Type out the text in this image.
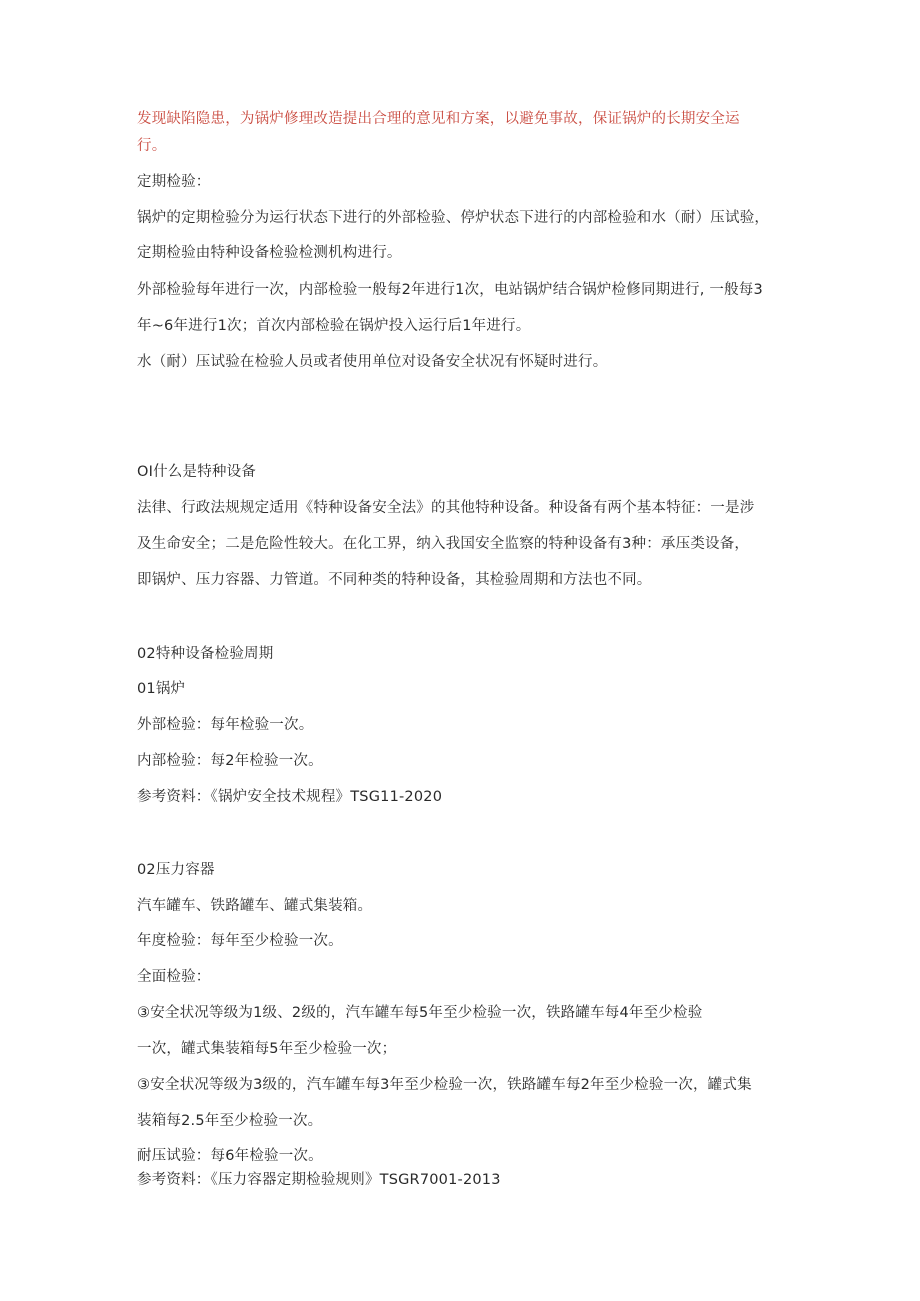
发现缺陷隐患，为锅炉修理改造提出合理的意见和方案，以避免事故，保证锅炉的长期安全运
行。
定期检验：
锅炉的定期检验分为运行状态下进行的外部检验、停炉状态下进行的内部检验和水（耐）压试验，
定期检验由特种设备检验检测机构进行。
外部检验每年进行一次，内部检验一般每2年进行1次，电站锅炉结合锅炉检修同期进行, 一般每3
年~6年进行1次；首次内部检验在锅炉投入运行后1年进行。
水（耐）压试验在检验人员或者使用单位对设备安全状况有怀疑时进行。
OI什么是特种设备
法律、行政法规规定适用《特种设备安全法》的其他特种设备。种设备有两个基本特征：一是涉
及生命安全；二是危险性较大。在化工界，纳入我国安全监察的特种设备有3种：承压类设备，
即锅炉、压力容器、力管道。不同种类的特种设备，其检验周期和方法也不同。
02特种设备检验周期
01锅炉
外部检验：每年检验一次。
内部检验：每2年检验一次。
参考资料：《锅炉安全技术规程》TSG11-2020
02压力容器
汽车罐车、铁路罐车、罐式集装箱。
年度检验：每年至少检验一次。
全面检验：
③安全状况等级为1级、2级的，汽车罐车每5年至少检验一次，铁路罐车每4年至少检验
一次，罐式集装箱每5年至少检验一次；
③安全状况等级为3级的，汽车罐车每3年至少检验一次，铁路罐车每2年至少检验一次，罐式集
装箱每2.5年至少检验一次。
耐压试验：每6年检验一次。
参考资料：《压力容器定期检验规则》TSGR7001-2013
